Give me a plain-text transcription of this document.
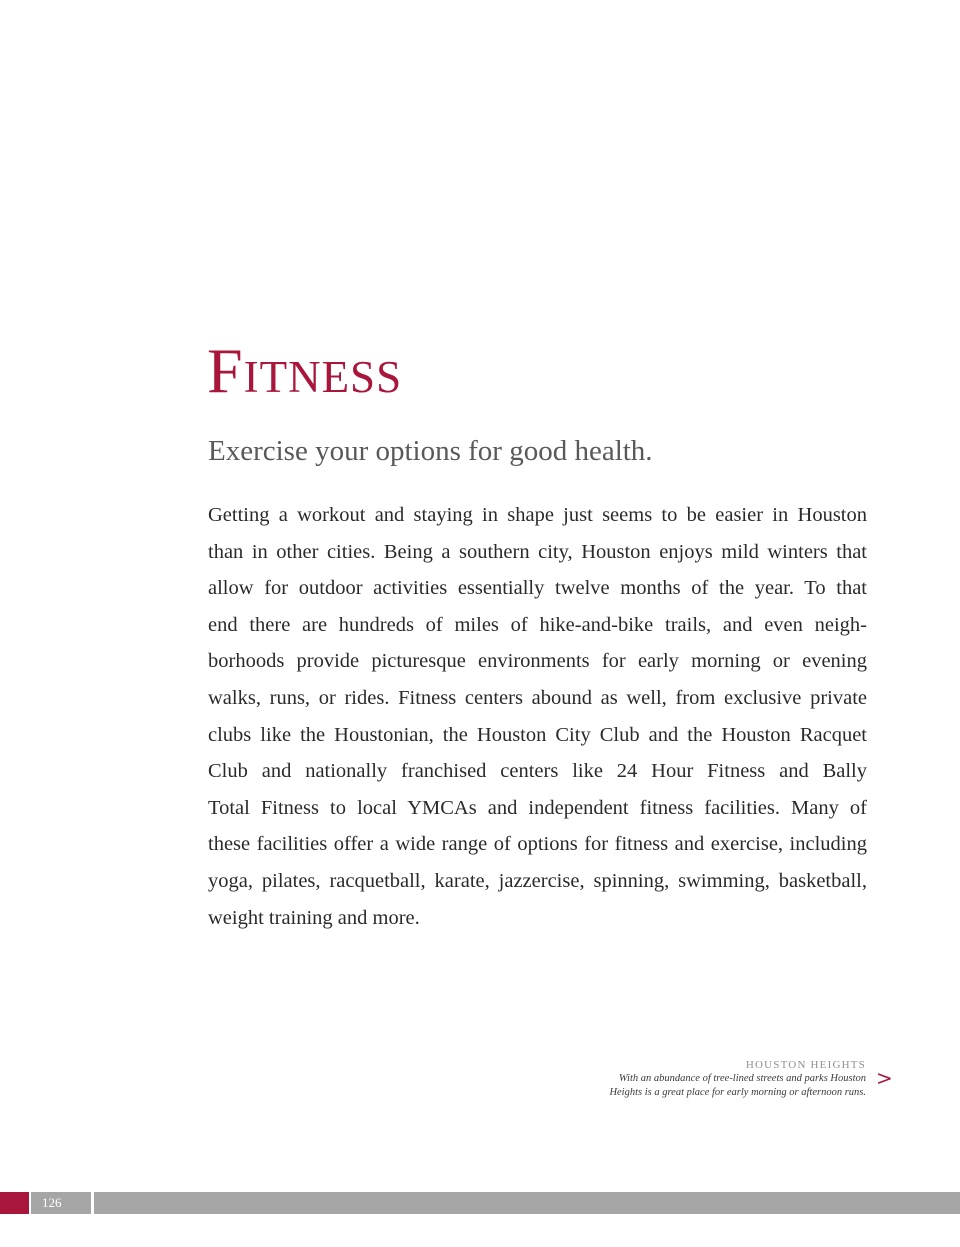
Fitness
Exercise your options for good health.
Getting a workout and staying in shape just seems to be easier in Houston
than in other cities. Being a southern city, Houston enjoys mild winters that
allow for outdoor activities essentially twelve months of the year. To that
end there are hundreds of miles of hike-and-bike trails, and even neigh-
borhoods provide picturesque environments for early morning or evening
walks, runs, or rides. Fitness centers abound as well, from exclusive private
clubs like the Houstonian, the Houston City Club and the Houston Racquet
Club and nationally franchised centers like 24 Hour Fitness and Bally
Total Fitness to local YMCAs and independent fitness facilities. Many of
these facilities offer a wide range of options for fitness and exercise, including
yoga, pilates, racquetball, karate, jazzercise, spinning, swimming, basketball,
weight training and more.
HOUSTON HEIGHTS
With an abundance of tree-lined streets and parks Houston
Heights is a great place for early morning or afternoon runs.
>
126
